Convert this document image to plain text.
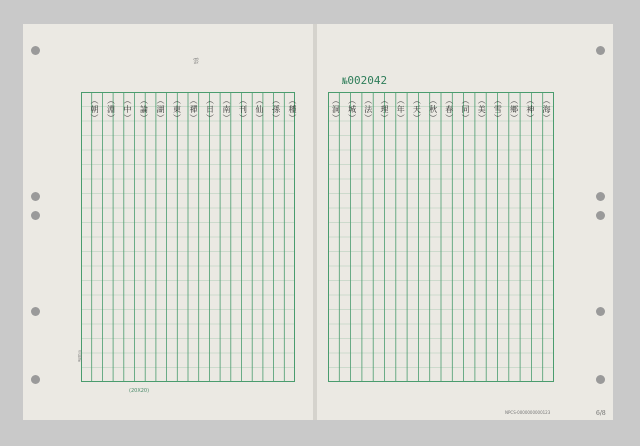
（種）
（孫）
（仙）
（刊）
（南）
（日）
（禪）
（東）
（湖）
（論）
（中）
（淵）
（朝）	（海）
（神）
（鄉）
（雪）
（美）
（同）
（春）
（秋）
（天）
（年）
（理）
（法）
（城）
（洞）
№002042
雲
(20X20)
草稿紙
NPCS-0000000000123	6/8
